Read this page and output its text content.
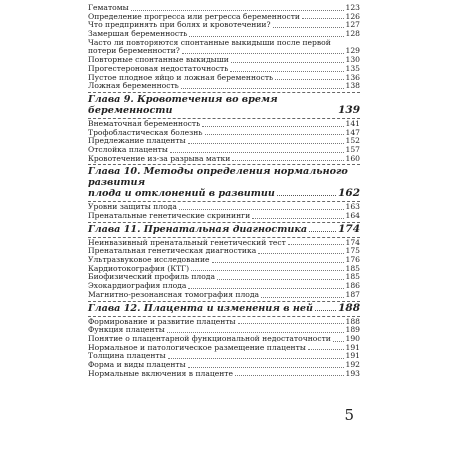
Гематомы	123
Определение прогресса или регресса беременности	126
Что предпринять при болях и кровотечении?	127
Замершая беременность	128
Часто ли повторяются спонтанные выкидыши после первой
потери беременности?	129
Повторные спонтанные выкидыши	130
Прогестероновая недостаточность	135
Пустое плодное яйцо и ложная беременность	136
Ложная беременность	138
Глава 9. Кровотечения во время беременности	139
Внематочная беременность	141
Трофобластическая болезнь	147
Предлежание плаценты	152
Отслойка плаценты	157
Кровотечение из-за разрыва матки	160
Глава 10. Методы определения нормального развития
плода и отклонений в развитии	162
Уровни защиты плода	163
Пренатальные генетические скрининги	164
Глава 11. Пренатальная диагностика	174
Неинвазивный пренатальный генетический тест	174
Пренатальная генетическая диагностика	175
Ультразвуковое исследование	176
Кардиотокография (КТГ)	185
Биофизический профиль плода	185
Эхокардиография плода	186
Магнитно-резонансная томография плода	187
Глава 12. Плацента и изменения в ней 188
Формирование и развитие плаценты	188
Функция плаценты	189
Понятие о плацентарной функциональной недостаточности 190
Нормальное и патологическое размещение плаценты	191
Толщина плаценты	191
Форма и виды плаценты	192
Нормальные включения в плаценте	193
5
